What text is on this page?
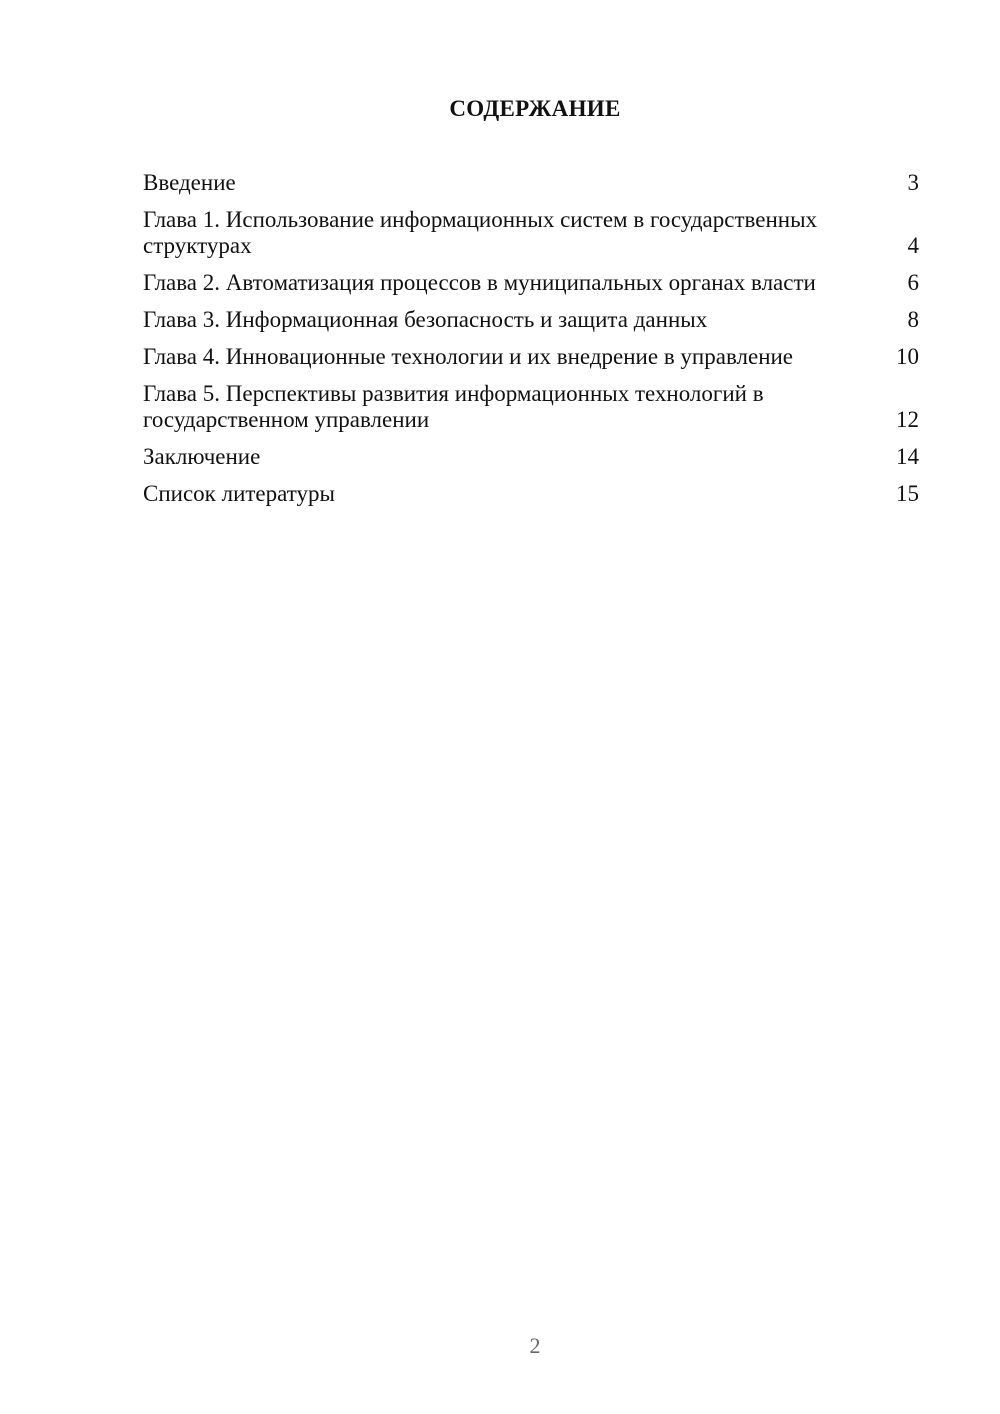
СОДЕРЖАНИЕ
Введение	3
Глава 1. Использование информационных систем в государственных структурах	4
Глава 2. Автоматизация процессов в муниципальных органах власти	6
Глава 3. Информационная безопасность и защита данных	8
Глава 4. Инновационные технологии и их внедрение в управление	10
Глава 5. Перспективы развития информационных технологий в государственном управлении	12
Заключение	14
Список литературы	15
2
